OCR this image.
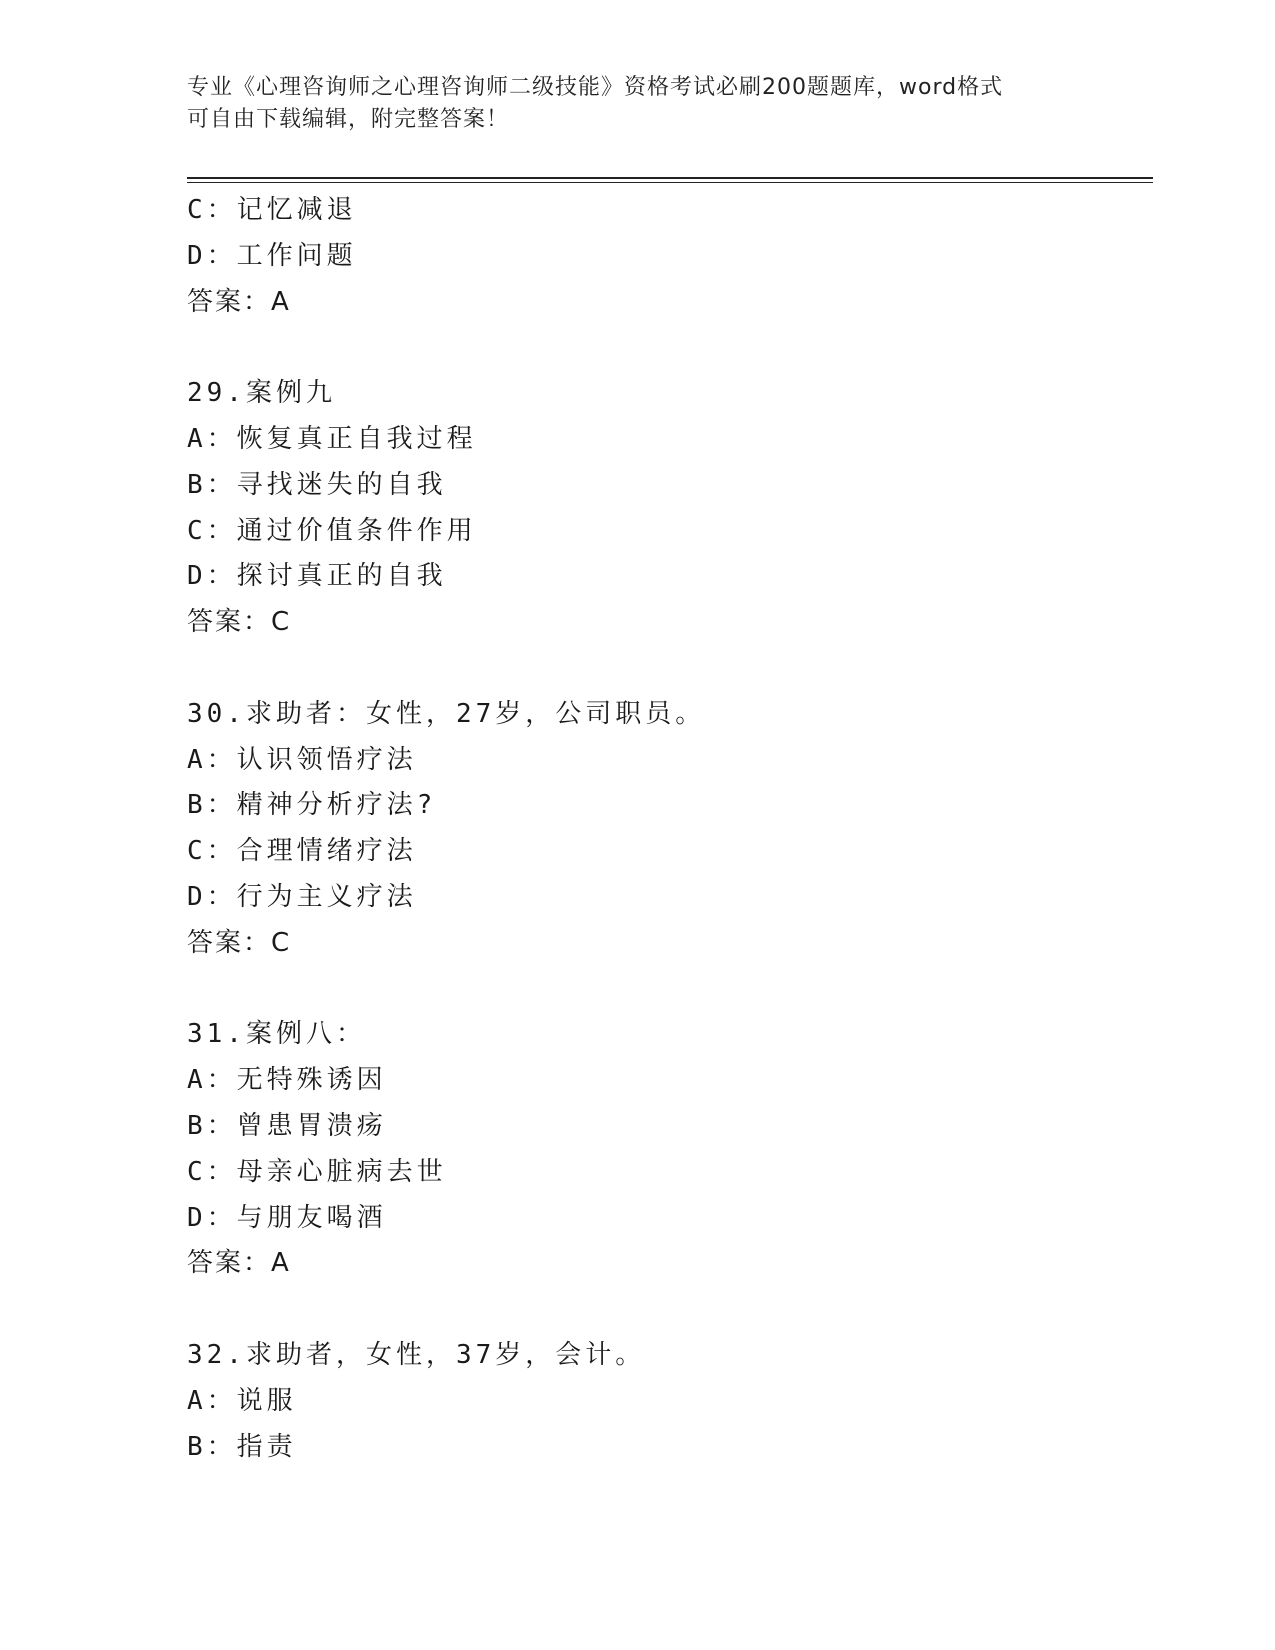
专业《心理咨询师之心理咨询师二级技能》资格考试必刷200题题库，word格式
可自由下载编辑，附完整答案！
C：记忆减退
D：工作问题
答案：A
29.案例九
A：恢复真正自我过程
B：寻找迷失的自我
C：通过价值条件作用
D：探讨真正的自我
答案：C
30.求助者：女性，27岁，公司职员。
A：认识领悟疗法
B：精神分析疗法?
C：合理情绪疗法
D：行为主义疗法
答案：C
31.案例八：
A：无特殊诱因
B：曾患胃溃疡
C：母亲心脏病去世
D：与朋友喝酒
答案：A
32.求助者，女性，37岁，会计。
A：说服
B：指责
